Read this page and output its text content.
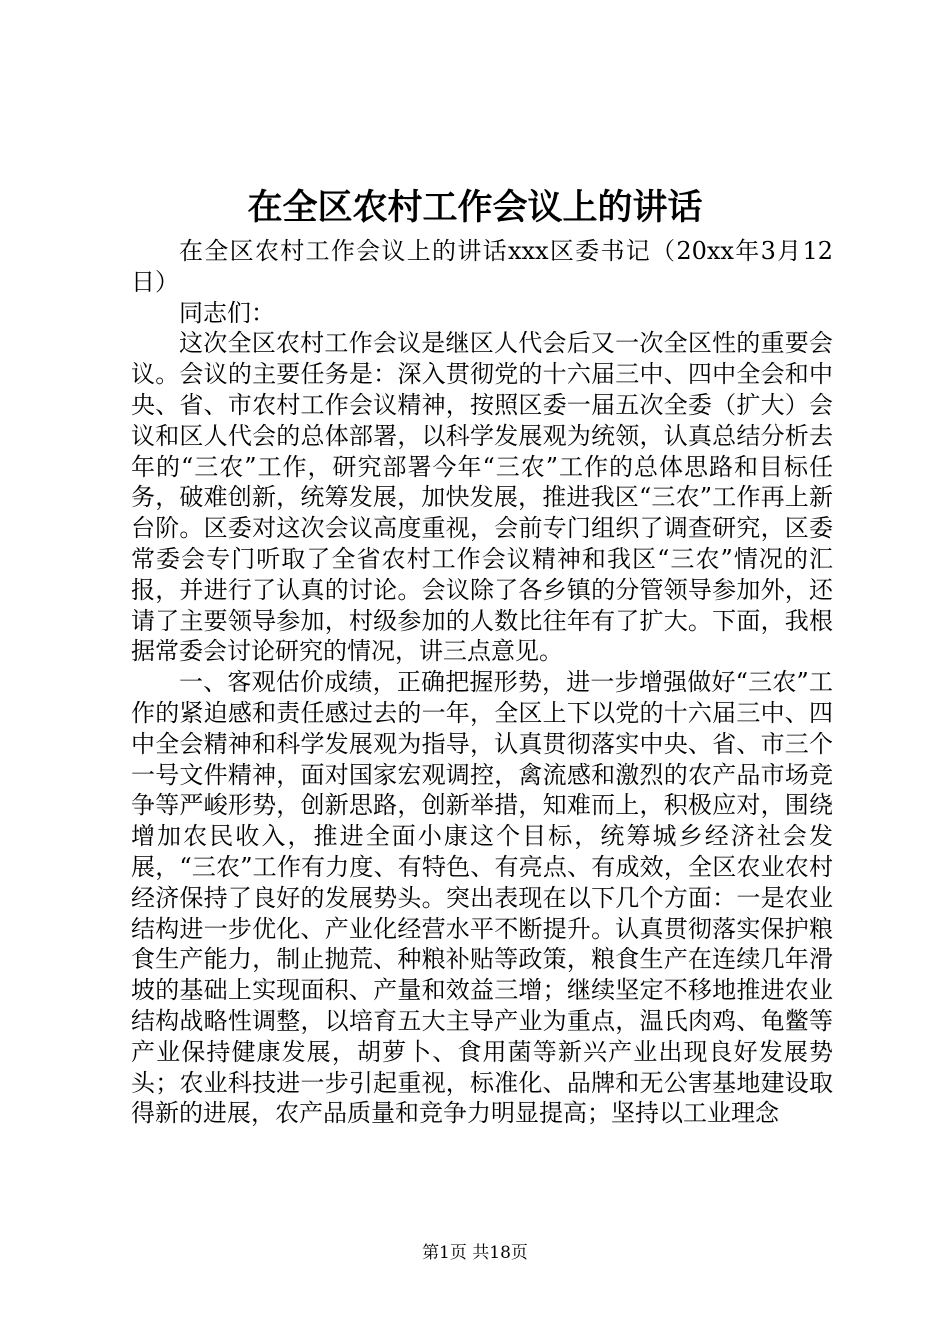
在全区农村工作会议上的讲话

在全区农村工作会议上的讲话xxx区委书记（20xx年3月12日）

同志们：

这次全区农村工作会议是继区人代会后又一次全区性的重要会议。会议的主要任务是：深入贯彻党的十六届三中、四中全会和中央、省、市农村工作会议精神，按照区委一届五次全委（扩大）会议和区人代会的总体部署，以科学发展观为统领，认真总结分析去年的“三农”工作，研究部署今年“三农”工作的总体思路和目标任务，破难创新，统筹发展，加快发展，推进我区“三农”工作再上新台阶。区委对这次会议高度重视，会前专门组织了调查研究，区委常委会专门听取了全省农村工作会议精神和我区“三农”情况的汇报，并进行了认真的讨论。会议除了各乡镇的分管领导参加外，还请了主要领导参加，村级参加的人数比往年有了扩大。下面，我根据常委会讨论研究的情况，讲三点意见。

一、客观估价成绩，正确把握形势，进一步增强做好“三农”工作的紧迫感和责任感过去的一年，全区上下以党的十六届三中、四中全会精神和科学发展观为指导，认真贯彻落实中央、省、市三个一号文件精神，面对国家宏观调控，禽流感和激烈的农产品市场竞争等严峻形势，创新思路，创新举措，知难而上，积极应对，围绕增加农民收入，推进全面小康这个目标，统筹城乡经济社会发展，“三农”工作有力度、有特色、有亮点、有成效，全区农业农村经济保持了良好的发展势头。突出表现在以下几个方面：一是农业结构进一步优化、产业化经营水平不断提升。认真贯彻落实保护粮食生产能力，制止抛荒、种粮补贴等政策，粮食生产在连续几年滑坡的基础上实现面积、产量和效益三增；继续坚定不移地推进农业结构战略性调整，以培育五大主导产业为重点，温氏肉鸡、龟鳖等产业保持健康发展，胡萝卜、食用菌等新兴产业出现良好发展势头；农业科技进一步引起重视，标准化、品牌和无公害基地建设取得新的进展，农产品质量和竞争力明显提高；坚持以工业理念

第1页 共18页
